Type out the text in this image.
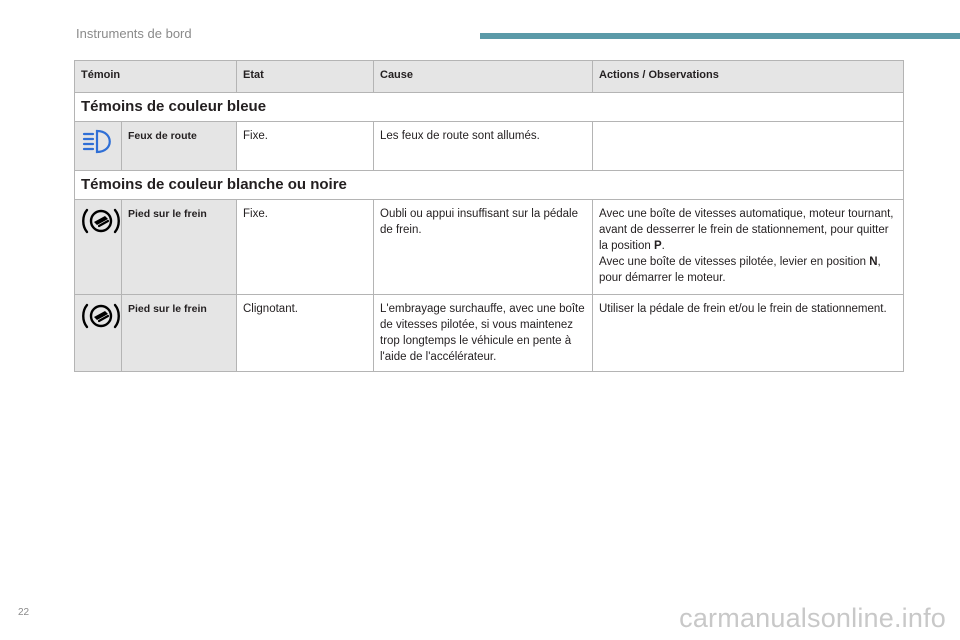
Instruments de bord
Témoin		Etat	Cause	Actions / Observations
Témoins de couleur bleue				
	Feux de route	Fixe.	Les feux de route sont allumés.	
Témoins de couleur blanche ou noire				
	Pied sur le frein	Fixe.	Oubli ou appui insuffisant sur la pédale de frein.	Avec une boîte de vitesses automatique, moteur tournant, avant de desserrer le frein de stationnement, pour quitter la position P.
Avec une boîte de vitesses pilotée, levier en position N, pour démarrer le moteur.
	Pied sur le frein	Clignotant.	L'embrayage surchauffe, avec une boîte de vitesses pilotée, si vous maintenez trop longtemps le véhicule en pente à l'aide de l'accélérateur.	Utiliser la pédale de frein et/ou le frein de stationnement.
22	carmanualsonline.info
